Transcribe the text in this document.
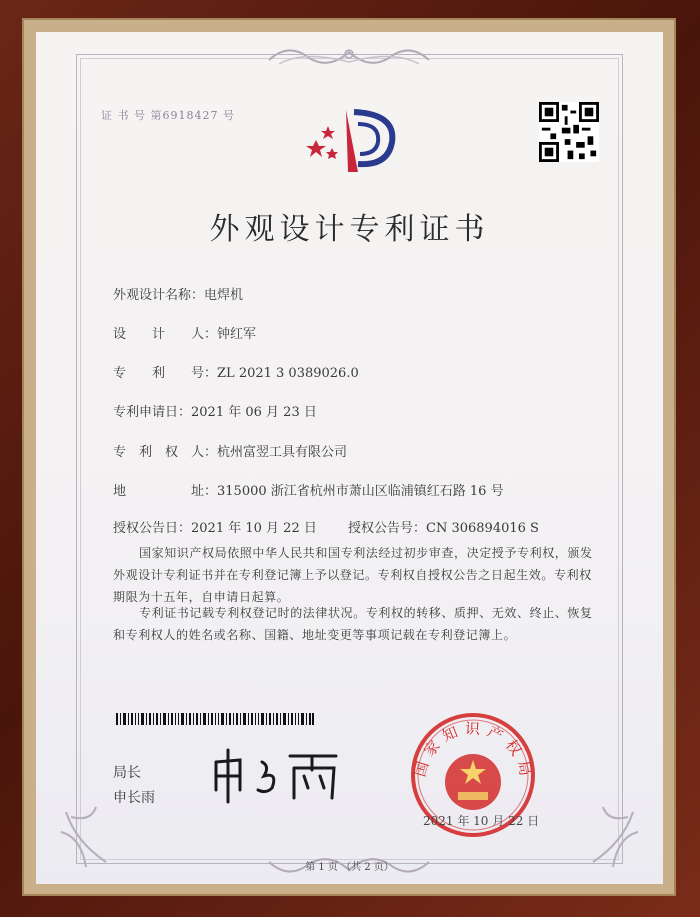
证 书 号 第6918427 号
外观设计专利证书
外观设计名称：电焊机
设　　计　　人：钟红军
专　　利　　号：ZL 2021 3 0389026.0
专利申请日：2021 年 06 月 23 日
专　利　权　人：杭州富翌工具有限公司
地　　　　　址：315000 浙江省杭州市萧山区临浦镇红石路 16 号
授权公告日：2021 年 10 月 22 日 授权公告号：CN 306894016 S
国家知识产权局依照中华人民共和国专利法经过初步审查，决定授予专利权，颁发外观设计专利证书并在专利登记簿上予以登记。专利权自授权公告之日起生效。专利权期限为十五年，自申请日起算。
专利证书记载专利权登记时的法律状况。专利权的转移、质押、无效、终止、恢复和专利权人的姓名或名称、国籍、地址变更等事项记载在专利登记簿上。
局长
申长雨
国家知识产权局
2021 年 10 月 22 日
第 1 页 （共 2 页）
